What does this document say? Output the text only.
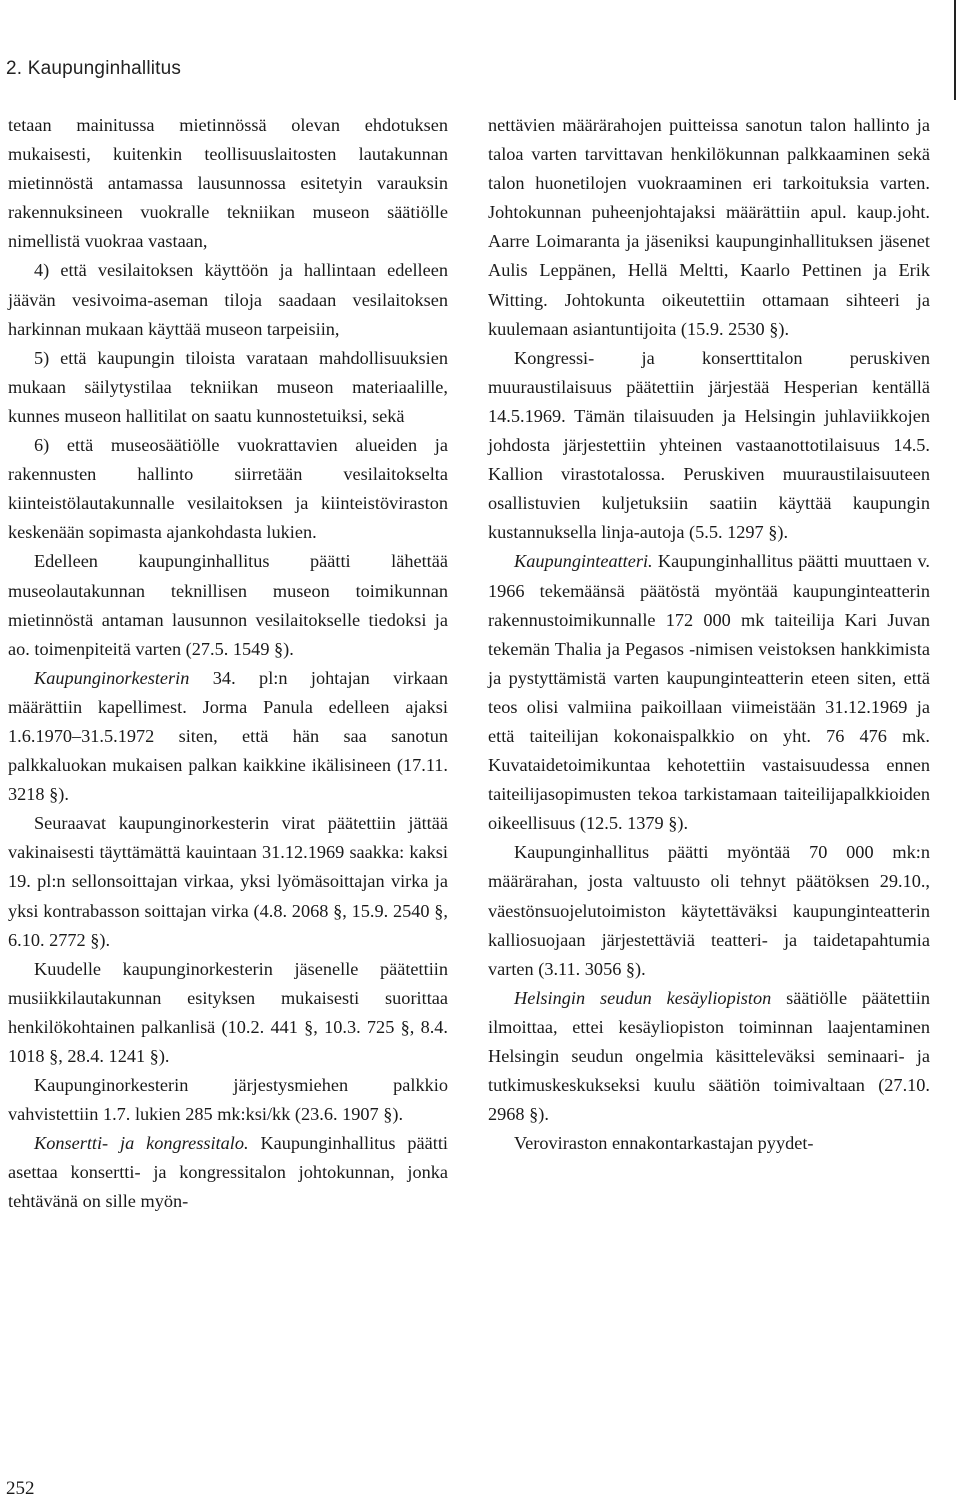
2. Kaupunginhallitus

tetaan mainitussa mietinnössä olevan ehdotuksen mukaisesti, kuitenkin teollisuuslaitosten lautakunnan mietinnöstä antamassa lausunnossa esitetyin varauksin rakennuksineen vuokralle tekniikan museon säätiölle nimellistä vuokraa vastaan,

4) että vesilaitoksen käyttöön ja hallintaan edelleen jäävän vesivoima-aseman tiloja saadaan vesilaitoksen harkinnan mukaan käyttää museon tarpeisiin,

5) että kaupungin tiloista varataan mahdollisuuksien mukaan säilytystilaa tekniikan museon materiaalille, kunnes museon hallitilat on saatu kunnostetuiksi, sekä

6) että museosäätiölle vuokrattavien alueiden ja rakennusten hallinto siirretään vesilaitokselta kiinteistölautakunnalle vesilaitoksen ja kiinteistöviraston keskenään sopimasta ajankohdasta lukien.

Edelleen kaupunginhallitus päätti lähettää museolautakunnan teknillisen museon toimikunnan mietinnöstä antaman lausunnon vesilaitokselle tiedoksi ja ao. toimenpiteitä varten (27.5. 1549 §).

Kaupunginorkesterin 34. pl:n johtajan virkaan määrättiin kapellimest. Jorma Panula edelleen ajaksi 1.6.1970–31.5.1972 siten, että hän saa sanotun palkkaluokan mukaisen palkan kaikkine ikälisineen (17.11. 3218 §).

Seuraavat kaupunginorkesterin virat päätettiin jättää vakinaisesti täyttämättä kauintaan 31.12.1969 saakka: kaksi 19. pl:n sellonsoittajan virkaa, yksi lyömäsoittajan virka ja yksi kontrabasson soittajan virka (4.8. 2068 §, 15.9. 2540 §, 6.10. 2772 §).

Kuudelle kaupunginorkesterin jäsenelle päätettiin musiikkilautakunnan esityksen mukaisesti suorittaa henkilökohtainen palkanlisä (10.2. 441 §, 10.3. 725 §, 8.4. 1018 §, 28.4. 1241 §).

Kaupunginorkesterin järjestysmiehen palkkio vahvistettiin 1.7. lukien 285 mk:ksi/kk (23.6. 1907 §).

Konsertti- ja kongressitalo. Kaupunginhallitus päätti asettaa konsertti- ja kongressitalon johtokunnan, jonka tehtävänä on sille myön-

nettävien määrärahojen puitteissa sanotun talon hallinto ja taloa varten tarvittavan henkilökunnan palkkaaminen sekä talon huonetilojen vuokraaminen eri tarkoituksia varten. Johtokunnan puheenjohtajaksi määrättiin apul. kaup.joht. Aarre Loimaranta ja jäseniksi kaupunginhallituksen jäsenet Aulis Leppänen, Hellä Meltti, Kaarlo Pettinen ja Erik Witting. Johtokunta oikeutettiin ottamaan sihteeri ja kuulemaan asiantuntijoita (15.9. 2530 §).

Kongressi- ja konserttitalon peruskiven muuraustilaisuus päätettiin järjestää Hesperian kentällä 14.5.1969. Tämän tilaisuuden ja Helsingin juhlaviikkojen johdosta järjestettiin yhteinen vastaanottotilaisuus 14.5. Kallion virastotalossa. Peruskiven muuraustilaisuuteen osallistuvien kuljetuksiin saatiin käyttää kaupungin kustannuksella linja-autoja (5.5. 1297 §).

Kaupunginteatteri. Kaupunginhallitus päätti muuttaen v. 1966 tekemäänsä päätöstä myöntää kaupunginteatterin rakennustoimikunnalle 172 000 mk taiteilija Kari Juvan tekemän Thalia ja Pegasos -nimisen veistoksen hankkimista ja pystyttämistä varten kaupunginteatterin eteen siten, että teos olisi valmiina paikoillaan viimeistään 31.12.1969 ja että taiteilijan kokonaispalkkio on yht. 76 476 mk. Kuvataidetoimikuntaa kehotettiin vastaisuudessa ennen taiteilijasopimusten tekoa tarkistamaan taiteilijapalkkioiden oikeellisuus (12.5. 1379 §).

Kaupunginhallitus päätti myöntää 70 000 mk:n määrärahan, josta valtuusto oli tehnyt päätöksen 29.10., väestönsuojelutoimiston käytettäväksi kaupunginteatterin kalliosuojaan järjestettäviä teatteri- ja taidetapahtumia varten (3.11. 3056 §).

Helsingin seudun kesäyliopiston säätiölle päätettiin ilmoittaa, ettei kesäyliopiston toiminnan laajentaminen Helsingin seudun ongelmia käsitteleväksi seminaari- ja tutkimuskeskukseksi kuulu säätiön toimivaltaan (27.10. 2968 §).

Veroviraston ennakontarkastajan pyydet-

252
